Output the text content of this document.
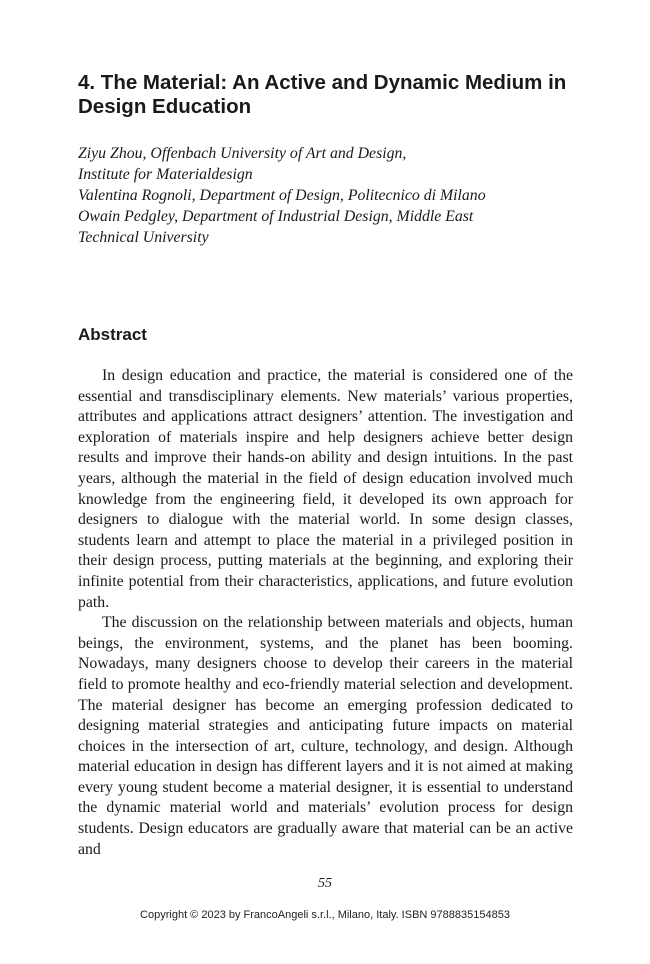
4. The Material: An Active and Dynamic Medium in Design Education
Ziyu Zhou, Offenbach University of Art and Design,
Institute for Materialdesign
Valentina Rognoli, Department of Design, Politecnico di Milano
Owain Pedgley, Department of Industrial Design, Middle East
Technical University
Abstract

In design education and practice, the material is considered one of the essential and transdisciplinary elements. New materials’ various properties, attributes and applications attract designers’ attention. The investigation and exploration of materials inspire and help designers achieve better design results and improve their hands-on ability and design intuitions. In the past years, although the material in the field of design education involved much knowledge from the engineering field, it developed its own approach for designers to dialogue with the material world. In some design classes, students learn and attempt to place the material in a privileged position in their design process, putting materials at the beginning, and exploring their infinite potential from their characteristics, applications, and future evolution path.

The discussion on the relationship between materials and objects, human beings, the environment, systems, and the planet has been booming. Nowadays, many designers choose to develop their careers in the material field to promote healthy and eco-friendly material selection and development. The material designer has become an emerging profession dedicated to designing material strategies and anticipating future impacts on material choices in the intersection of art, culture, technology, and design. Although material education in design has different layers and it is not aimed at making every young student become a material designer, it is essential to understand the dynamic material world and materials’ evolution process for design students. Design educators are gradually aware that material can be an active and

55
Copyright © 2023 by FrancoAngeli s.r.l., Milano, Italy. ISBN 9788835154853
